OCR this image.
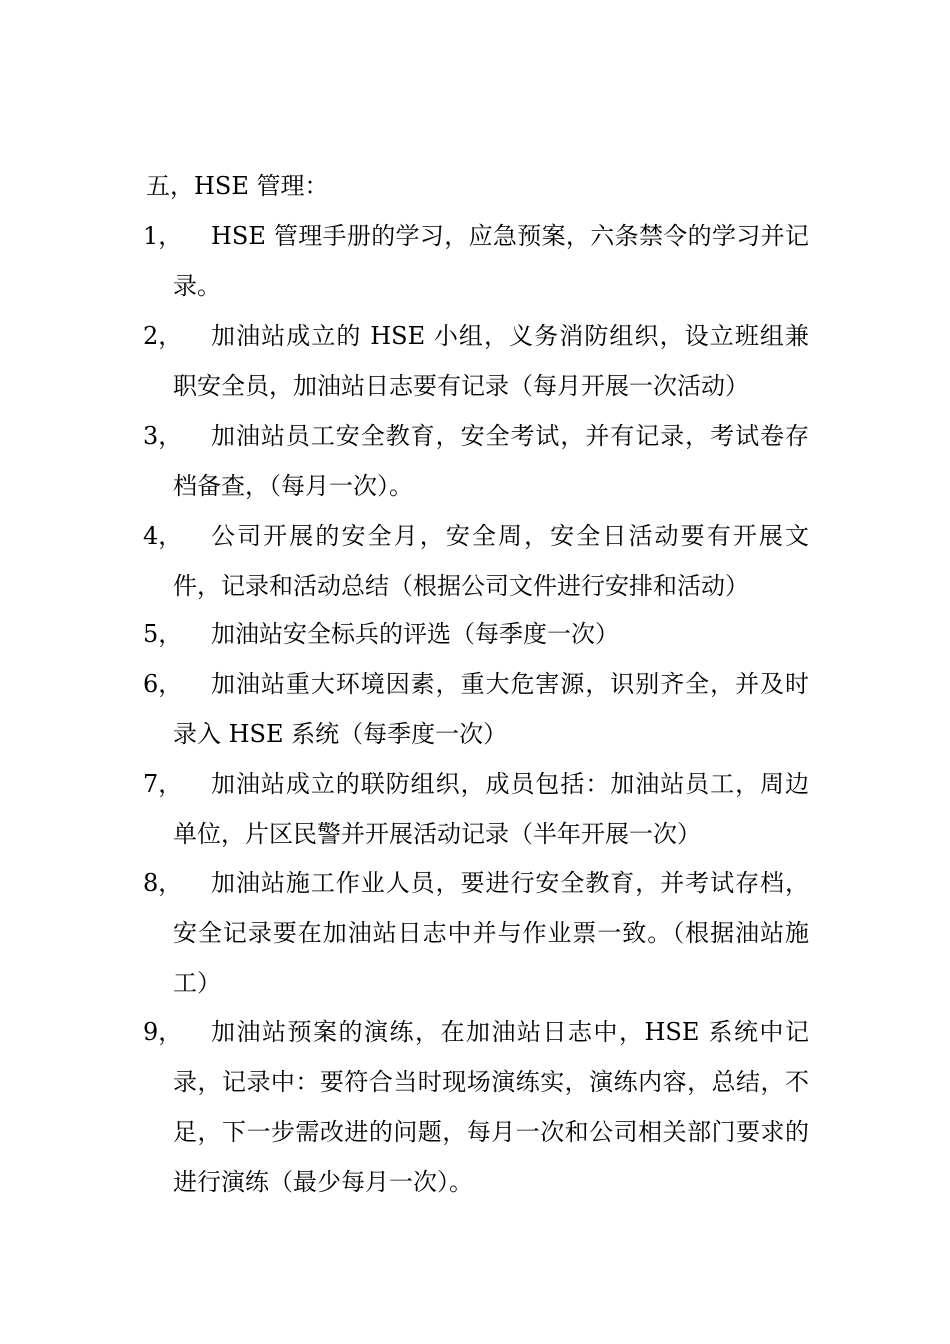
五，HSE 管理：
1，	HSE 管理手册的学习，应急预案，六条禁令的学习并记录。
2，	加油站成立的 HSE 小组，义务消防组织，设立班组兼职安全员，加油站日志要有记录（每月开展一次活动）
3，	加油站员工安全教育，安全考试，并有记录，考试卷存档备查，（每月一次）。
4，	公司开展的安全月，安全周，安全日活动要有开展文件，记录和活动总结（根据公司文件进行安排和活动）
5，	加油站安全标兵的评选（每季度一次）
6，	加油站重大环境因素，重大危害源，识别齐全，并及时录入 HSE 系统（每季度一次）
7，	加油站成立的联防组织，成员包括：加油站员工，周边单位，片区民警并开展活动记录（半年开展一次）
8，	加油站施工作业人员，要进行安全教育，并考试存档，安全记录要在加油站日志中并与作业票一致。（根据油站施工）
9，	加油站预案的演练，在加油站日志中，HSE 系统中记录，记录中：要符合当时现场演练实，演练内容，总结，不足，下一步需改进的问题，每月一次和公司相关部门要求的进行演练（最少每月一次）。
